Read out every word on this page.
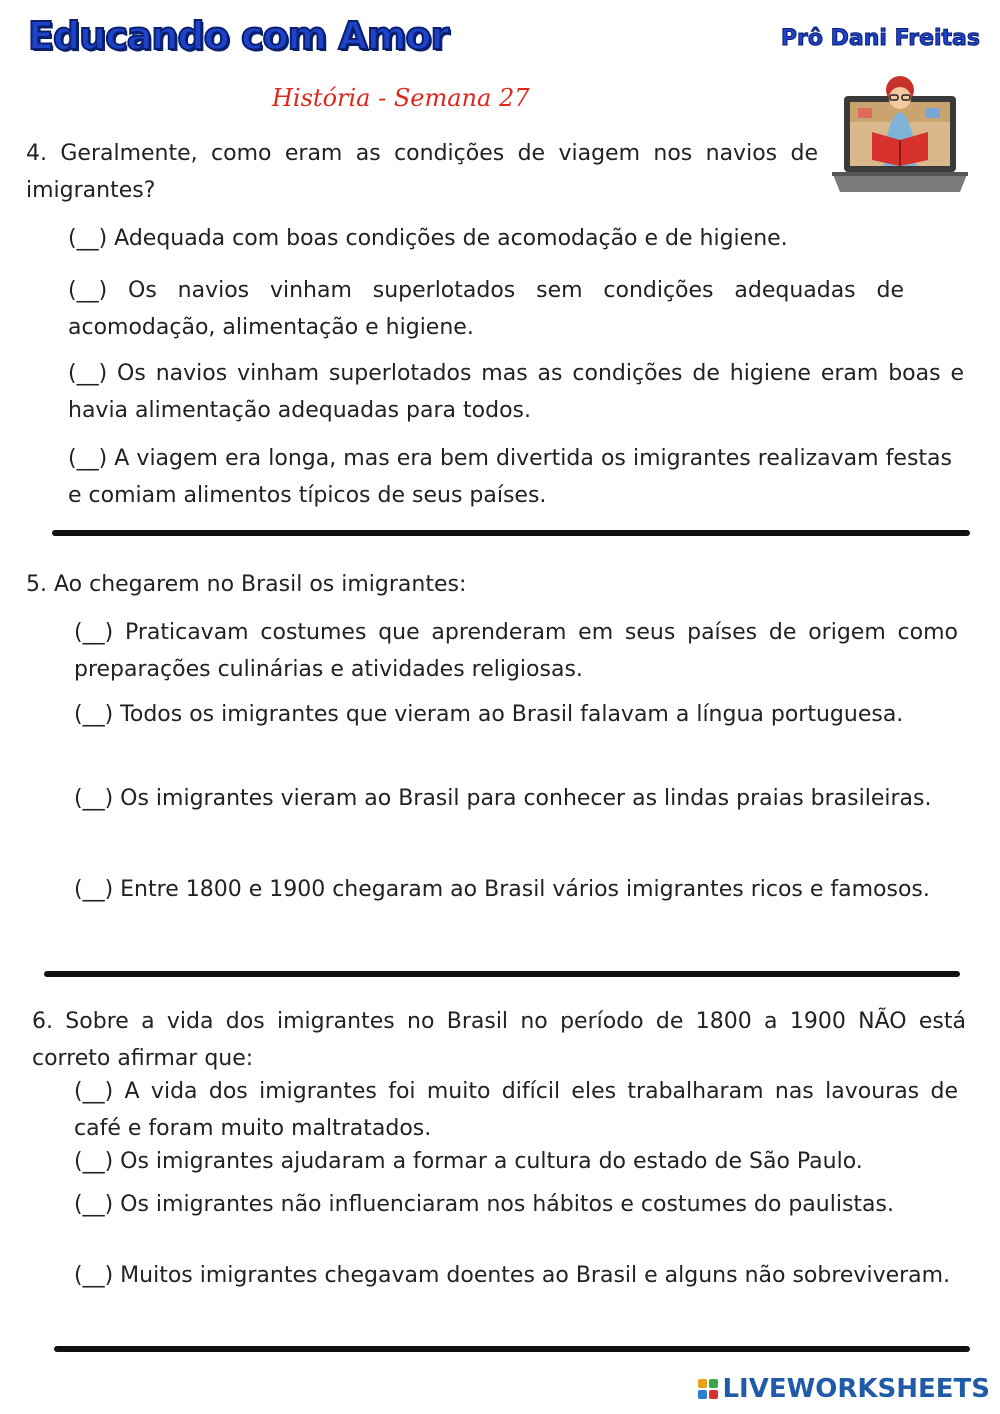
Educando com Amor	Prô Dani Freitas
História - Semana 27

4. Geralmente, como eram as condições de viagem nos navios de imigrantes?

(__) Adequada com boas condições de acomodação e de higiene.

(__) Os navios vinham superlotados sem condições adequadas de acomodação, alimentação e higiene.

(__) Os navios vinham superlotados mas as condições de higiene eram boas e havia alimentação adequadas para todos.

(__) A viagem era longa, mas era bem divertida os imigrantes realizavam festas e comiam alimentos típicos de seus países.

5. Ao chegarem no Brasil os imigrantes:

(__) Praticavam costumes que aprenderam em seus países de origem como preparações culinárias e atividades religiosas.

(__) Todos os imigrantes que vieram ao Brasil falavam a língua portuguesa.

(__) Os imigrantes vieram ao Brasil para conhecer as lindas praias brasileiras.

(__) Entre 1800 e 1900 chegaram ao Brasil vários imigrantes ricos e famosos.

6. Sobre a vida dos imigrantes no Brasil no período de 1800 a 1900 NÃO está correto afirmar que:

(__) A vida dos imigrantes foi muito difícil eles trabalharam nas lavouras de café e foram muito maltratados.

(__) Os imigrantes ajudaram a formar a cultura do estado de São Paulo.

(__) Os imigrantes não influenciaram nos hábitos e costumes do paulistas.

(__) Muitos imigrantes chegavam doentes ao Brasil e alguns não sobreviveram.

LIVEWORKSHEETS
